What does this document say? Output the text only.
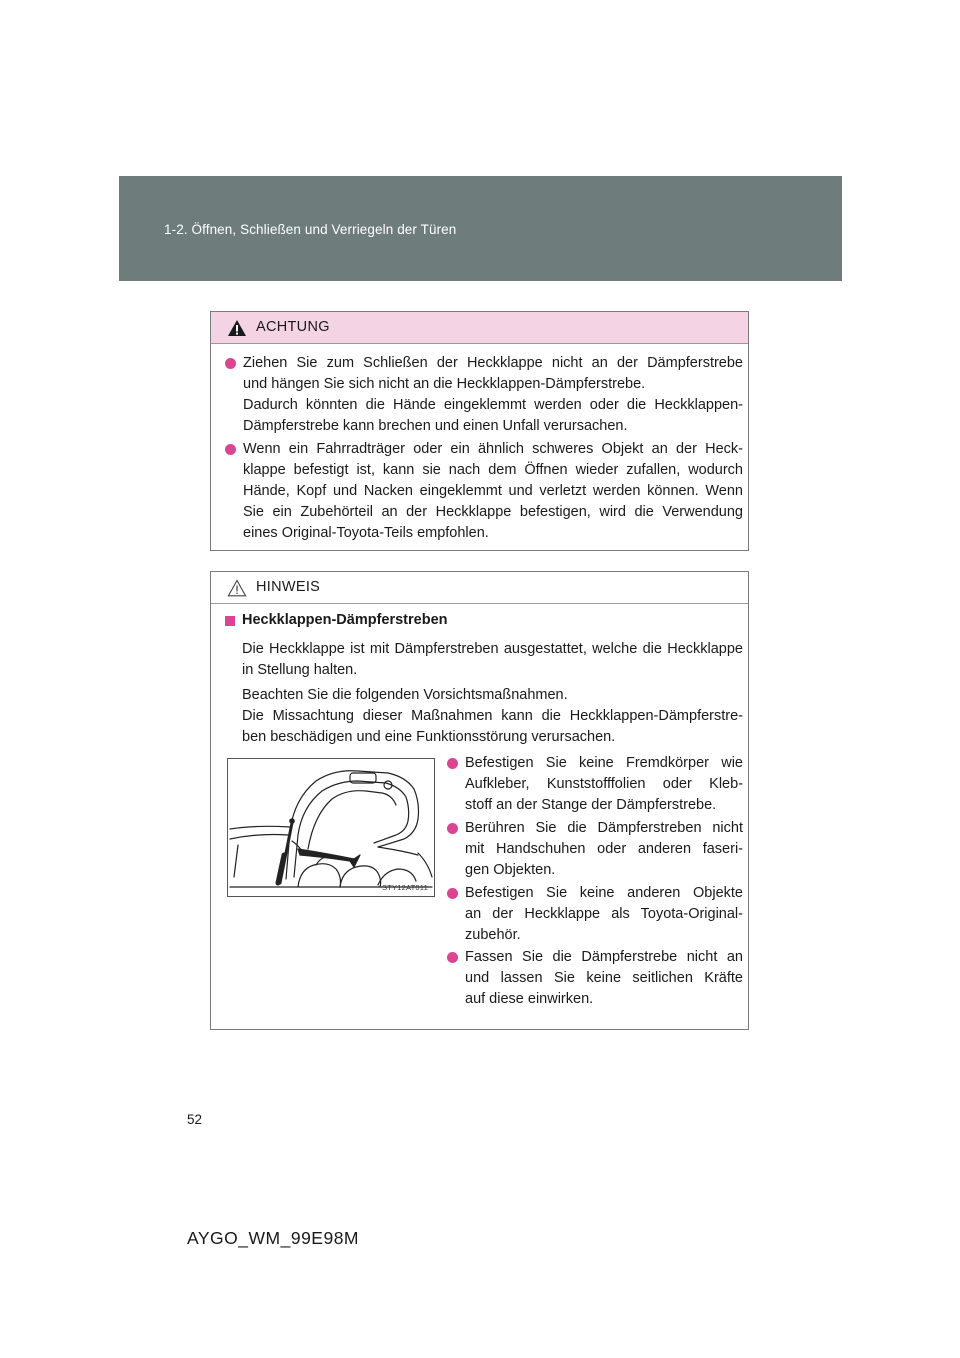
1-2. Öffnen, Schließen und Verriegeln der Türen
ACHTUNG
Ziehen Sie zum Schließen der Heckklappe nicht an der Dämpferstrebe
und hängen Sie sich nicht an die Heckklappen-Dämpferstrebe.
Dadurch könnten die Hände eingeklemmt werden oder die Heckklappen-
Dämpferstrebe kann brechen und einen Unfall verursachen.
Wenn ein Fahrradträger oder ein ähnlich schweres Objekt an der Heck-
klappe befestigt ist, kann sie nach dem Öffnen wieder zufallen, wodurch
Hände, Kopf und Nacken eingeklemmt und verletzt werden können. Wenn
Sie ein Zubehörteil an der Heckklappe befestigen, wird die Verwendung
eines Original-Toyota-Teils empfohlen.
HINWEIS
Heckklappen-Dämpferstreben
Die Heckklappe ist mit Dämpferstreben ausgestattet, welche die Heckklappe
in Stellung halten.
Beachten Sie die folgenden Vorsichtsmaßnahmen.
Die Missachtung dieser Maßnahmen kann die Heckklappen-Dämpferstre-
ben beschädigen und eine Funktionsstörung verursachen.
STY12AT011
Befestigen Sie keine Fremdkörper wie
Aufkleber, Kunststofffolien oder Kleb-
stoff an der Stange der Dämpferstrebe.
Berühren Sie die Dämpferstreben nicht
mit Handschuhen oder anderen faseri-
gen Objekten.
Befestigen Sie keine anderen Objekte
an der Heckklappe als Toyota-Original-
zubehör.
Fassen Sie die Dämpferstrebe nicht an
und lassen Sie keine seitlichen Kräfte
auf diese einwirken.
52
AYGO_WM_99E98M
